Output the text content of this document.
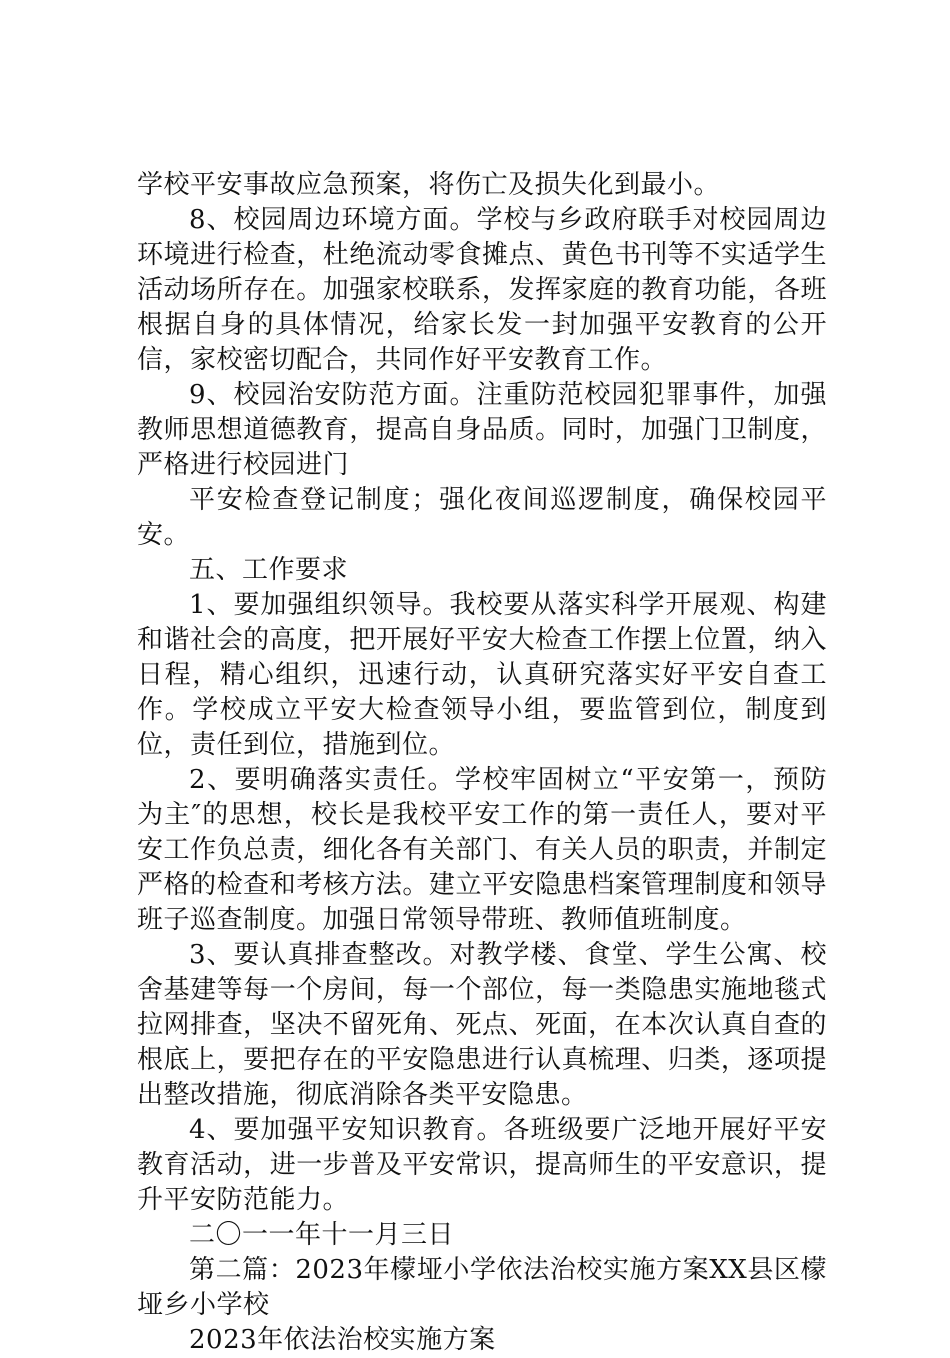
学校平安事故应急预案，将伤亡及损失化到最小。

8、校园周边环境方面。学校与乡政府联手对校园周边环境进行检查，杜绝流动零食摊点、黄色书刊等不实适学生活动场所存在。加强家校联系，发挥家庭的教育功能，各班根据自身的具体情况，给家长发一封加强平安教育的公开信，家校密切配合，共同作好平安教育工作。

9、校园治安防范方面。注重防范校园犯罪事件，加强教师思想道德教育，提高自身品质。同时，加强门卫制度，严格进行校园进门

平安检查登记制度；强化夜间巡逻制度，确保校园平安。

五、工作要求

1、要加强组织领导。我校要从落实科学开展观、构建和谐社会的高度，把开展好平安大检查工作摆上位置，纳入日程，精心组织，迅速行动，认真研究落实好平安自查工作。学校成立平安大检查领导小组，要监管到位，制度到位，责任到位，措施到位。

2、要明确落实责任。学校牢固树立“平安第一，预防为主″的思想，校长是我校平安工作的第一责任人，要对平安工作负总责，细化各有关部门、有关人员的职责，并制定严格的检查和考核方法。建立平安隐患档案管理制度和领导班子巡查制度。加强日常领导带班、教师值班制度。

3、要认真排查整改。对教学楼、食堂、学生公寓、校舍基建等每一个房间，每一个部位，每一类隐患实施地毯式拉网排查，坚决不留死角、死点、死面，在本次认真自查的根底上，要把存在的平安隐患进行认真梳理、归类，逐项提出整改措施，彻底消除各类平安隐患。

4、要加强平安知识教育。各班级要广泛地开展好平安教育活动，进一步普及平安常识，提高师生的平安意识，提升平安防范能力。

二〇一一年十一月三日

第二篇：2023年檬垭小学依法治校实施方案XX县区檬垭乡小学校

2023年依法治校实施方案
